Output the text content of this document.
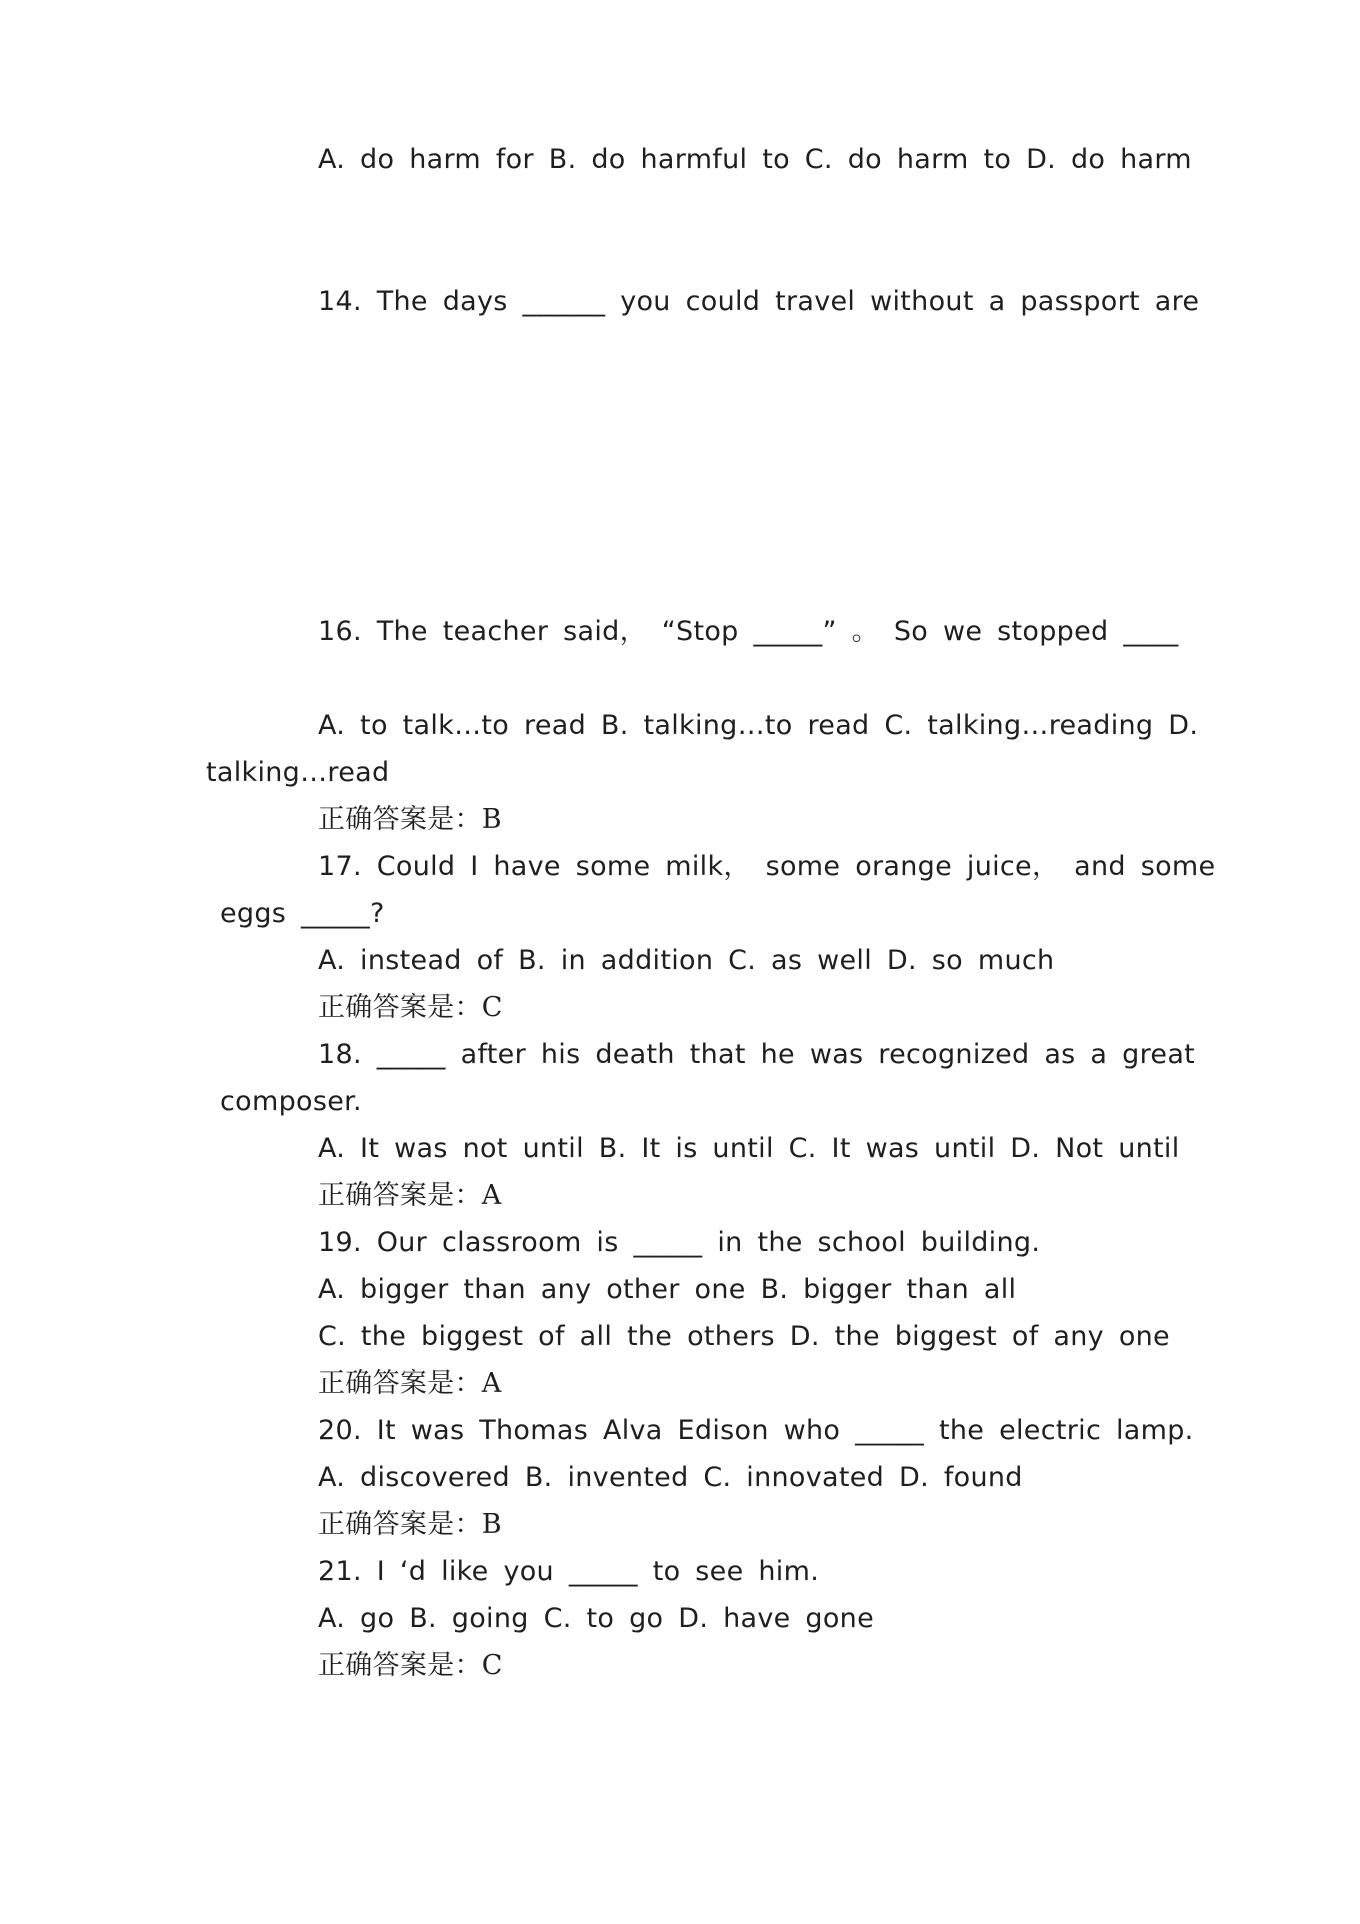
A. do harm for B. do harmful to C. do harm to D. do harm
14. The days ______ you could travel without a passport are
16. The teacher said， “Stop _____” 。 So we stopped ____
A. to talk…to read B. talking…to read C. talking…reading D.
talking…read
正确答案是：B
17. Could I have some milk， some orange juice， and some
eggs _____?
A. instead of B. in addition C. as well D. so much
正确答案是：C
18. _____ after his death that he was recognized as a great
composer.
A. It was not until B. It is until C. It was until D. Not until
正确答案是：A
19. Our classroom is _____ in the school building.
A. bigger than any other one B. bigger than all
C. the biggest of all the others D. the biggest of any one
正确答案是：A
20. It was Thomas Alva Edison who _____ the electric lamp.
A. discovered B. invented C. innovated D. found
正确答案是：B
21. I ‘d like you _____ to see him.
A. go B. going C. to go D. have gone
正确答案是：C
